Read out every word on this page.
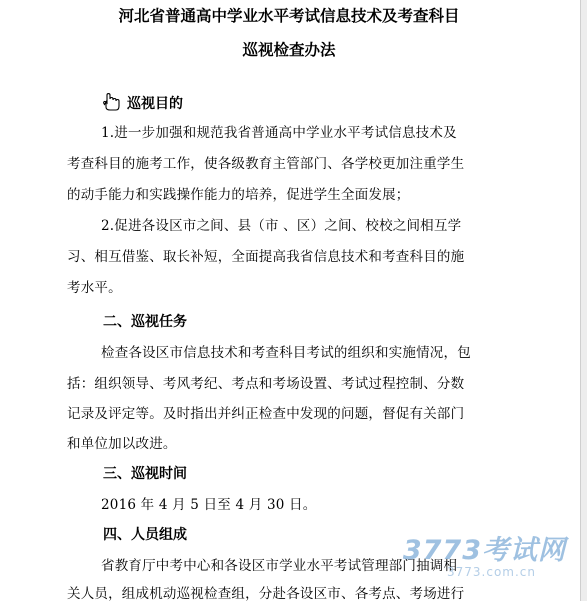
河北省普通高中学业水平考试信息技术及考查科目
巡视检查办法

巡视目的

1.进一步加强和规范我省普通高中学业水平考试信息技术及

考查科目的施考工作，使各级教育主管部门、各学校更加注重学生

的动手能力和实践操作能力的培养，促进学生全面发展；

2.促进各设区市之间、县（市 、区）之间、校校之间相互学

习、相互借鉴、取长补短，全面提高我省信息技术和考查科目的施

考水平。

二、巡视任务

检查各设区市信息技术和考查科目考试的组织和实施情况，包

括：组织领导、考风考纪、考点和考场设置、考试过程控制、分数

记录及评定等。及时指出并纠正检查中发现的问题，督促有关部门

和单位加以改进。

三、巡视时间

2016 年 4 月 5 日至 4 月 30 日。

四、人员组成

省教育厅中考中心和各设区市学业水平考试管理部门抽调相

关人员，组成机动巡视检查组，分赴各设区市、各考点、考场进行

3773考试网
3773.com.cn
